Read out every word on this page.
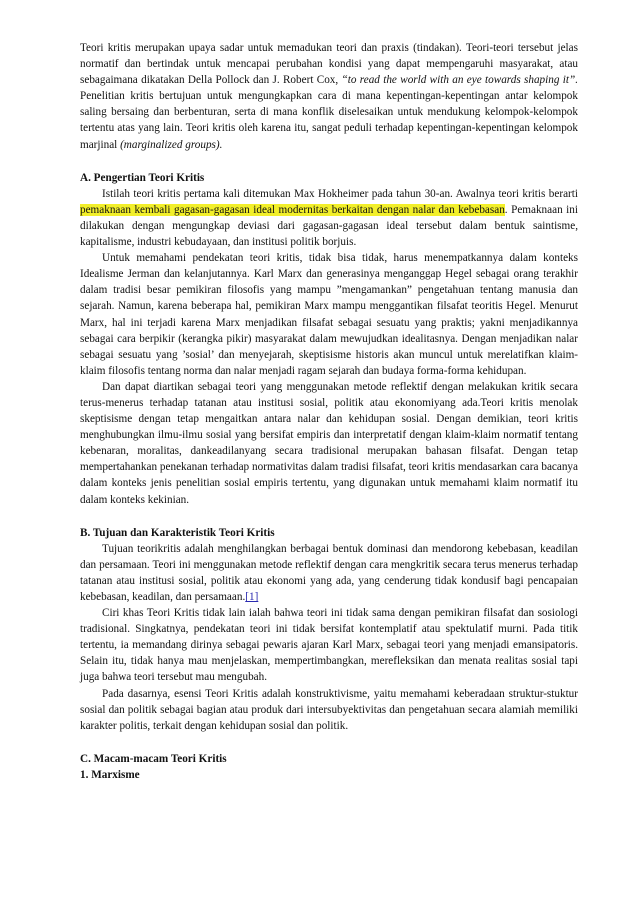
Teori kritis merupakan upaya sadar untuk memadukan teori dan praxis (tindakan). Teori-teori tersebut jelas normatif dan bertindak untuk mencapai perubahan kondisi yang dapat mempengaruhi masyarakat, atau sebagaimana dikatakan Della Pollock dan J. Robert Cox, “to read the world with an eye towards shaping it”. Penelitian kritis bertujuan untuk mengungkapkan cara di mana kepentingan-kepentingan antar kelompok saling bersaing dan berbenturan, serta di mana konflik diselesaikan untuk mendukung kelompok-kelompok tertentu atas yang lain. Teori kritis oleh karena itu, sangat peduli terhadap kepentingan-kepentingan kelompok marjinal (marginalized groups).

A. Pengertian Teori Kritis

Istilah teori kritis pertama kali ditemukan Max Hokheimer pada tahun 30-an. Awalnya teori kritis berarti pemaknaan kembali gagasan-gagasan ideal modernitas berkaitan dengan nalar dan kebebasan. Pemaknaan ini dilakukan dengan mengungkap deviasi dari gagasan-gagasan ideal tersebut dalam bentuk saintisme, kapitalisme, industri kebudayaan, dan institusi politik borjuis.

Untuk memahami pendekatan teori kritis, tidak bisa tidak, harus menempatkannya dalam konteks Idealisme Jerman dan kelanjutannya. Karl Marx dan generasinya menganggap Hegel sebagai orang terakhir dalam tradisi besar pemikiran filosofis yang mampu ”mengamankan” pengetahuan tentang manusia dan sejarah. Namun, karena beberapa hal, pemikiran Marx mampu menggantikan filsafat teoritis Hegel. Menurut Marx, hal ini terjadi karena Marx menjadikan filsafat sebagai sesuatu yang praktis; yakni menjadikannya sebagai cara berpikir (kerangka pikir) masyarakat dalam mewujudkan idealitasnya. Dengan menjadikan nalar sebagai sesuatu yang ’sosial’ dan menyejarah, skeptisisme historis akan muncul untuk merelatifkan klaim-klaim filosofis tentang norma dan nalar menjadi ragam sejarah dan budaya forma-forma kehidupan.

Dan dapat diartikan sebagai teori yang menggunakan metode reflektif dengan melakukan kritik secara terus-menerus terhadap tatanan atau institusi sosial, politik atau ekonomiyang ada.Teori kritis menolak skeptisisme dengan tetap mengaitkan antara nalar dan kehidupan sosial. Dengan demikian, teori kritis menghubungkan ilmu-ilmu sosial yang bersifat empiris dan interpretatif dengan klaim-klaim normatif tentang kebenaran, moralitas, dankeadilanyang secara tradisional merupakan bahasan filsafat. Dengan tetap mempertahankan penekanan terhadap normativitas dalam tradisi filsafat, teori kritis mendasarkan cara bacanya dalam konteks jenis penelitian sosial empiris tertentu, yang digunakan untuk memahami klaim normatif itu dalam konteks kekinian.

B. Tujuan dan Karakteristik Teori Kritis

Tujuan teorikritis adalah menghilangkan berbagai bentuk dominasi dan mendorong kebebasan, keadilan dan persamaan. Teori ini menggunakan metode reflektif dengan cara mengkritik secara terus menerus terhadap tatanan atau institusi sosial, politik atau ekonomi yang ada, yang cenderung tidak kondusif bagi pencapaian kebebasan, keadilan, dan persamaan.[1]

Ciri khas Teori Kritis tidak lain ialah bahwa teori ini tidak sama dengan pemikiran filsafat dan sosiologi tradisional. Singkatnya, pendekatan teori ini tidak bersifat kontemplatif atau spektulatif murni. Pada titik tertentu, ia memandang dirinya sebagai pewaris ajaran Karl Marx, sebagai teori yang menjadi emansipatoris. Selain itu, tidak hanya mau menjelaskan, mempertimbangkan, merefleksikan dan menata realitas sosial tapi juga bahwa teori tersebut mau mengubah.

Pada dasarnya, esensi Teori Kritis adalah konstruktivisme, yaitu memahami keberadaan struktur-stuktur sosial dan politik sebagai bagian atau produk dari intersubyektivitas dan pengetahuan secara alamiah memiliki karakter politis, terkait dengan kehidupan sosial dan politik.

C. Macam-macam Teori Kritis

1. Marxisme
